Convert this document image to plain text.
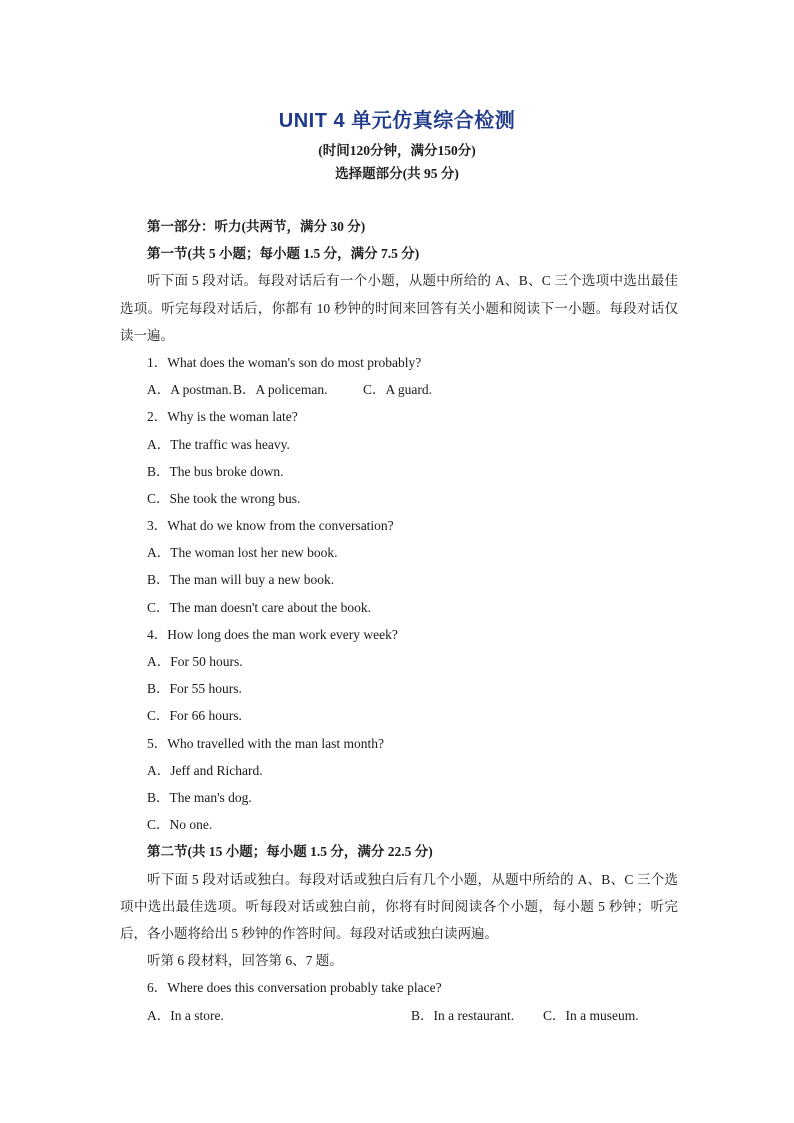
UNIT 4 单元仿真综合检测
(时间120分钟，满分150分)
选择题部分(共 95 分)
第一部分：听力(共两节，满分 30 分)
第一节(共 5 小题；每小题 1.5 分，满分 7.5 分)
听下面 5 段对话。每段对话后有一个小题，从题中所给的 A、B、C 三个选项中选出最佳选项。听完每段对话后，你都有 10 秒钟的时间来回答有关小题和阅读下一小题。每段对话仅读一遍。
1．What does the woman's son do most probably?
A．A postman. B．A policeman.	C．A guard.
2．Why is the woman late?
A．The traffic was heavy.
B．The bus broke down.
C．She took the wrong bus.
3．What do we know from the conversation?
A．The woman lost her new book.
B．The man will buy a new book.
C．The man doesn't care about the book.
4．How long does the man work every week?
A．For 50 hours.
B．For 55 hours.
C．For 66 hours.
5．Who travelled with the man last month?
A．Jeff and Richard.
B．The man's dog.
C．No one.
第二节(共 15 小题；每小题 1.5 分，满分 22.5 分)
听下面 5 段对话或独白。每段对话或独白后有几个小题，从题中所给的 A、B、C 三个选项中选出最佳选项。听每段对话或独白前，你将有时间阅读各个小题，每小题 5 秒钟；听完后，各小题将给出 5 秒钟的作答时间。每段对话或独白读两遍。
听第 6 段材料，回答第 6、7 题。
6．Where does this conversation probably take place?
A．In a store.	B．In a restaurant.	C．In a museum.
